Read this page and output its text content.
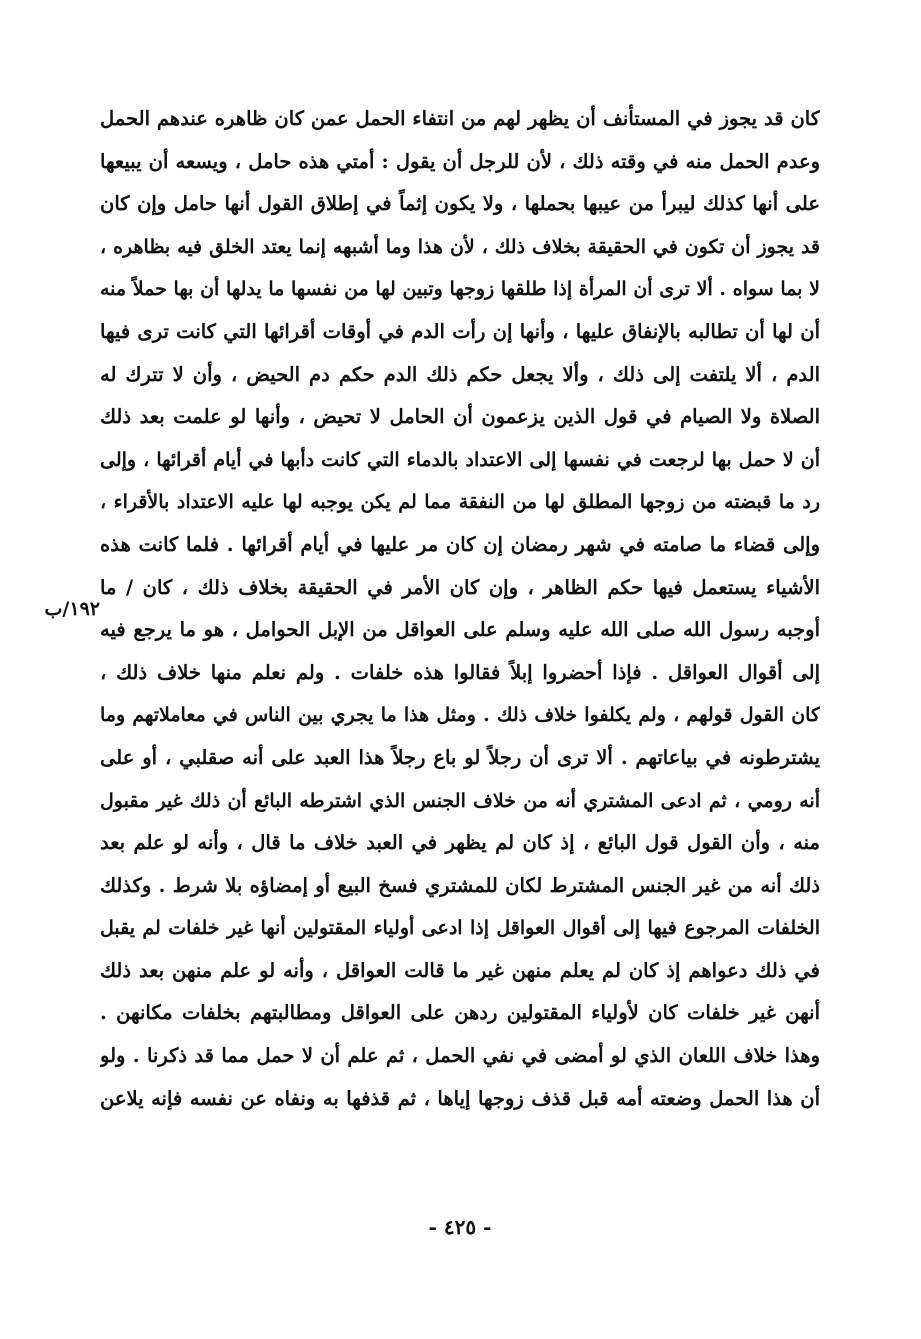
كان قد يجوز في المستأنف أن يظهر لهم من انتفاء الحمل عمن كان ظاهره عندهم الحمل
وعدم الحمل منه في وقته ذلك ، لأن للرجل أن يقول : أمتي هذه حامل ، ويسعه أن يبيعها
على أنها كذلك ليبرأ من عيبها بحملها ، ولا يكون إثماً في إطلاق القول أنها حامل وإن كان
قد يجوز أن تكون في الحقيقة بخلاف ذلك ، لأن هذا وما أشبهه إنما يعتد الخلق فيه بظاهره ،
لا بما سواه . ألا ترى أن المرأة إذا طلقها زوجها وتبين لها من نفسها ما يدلها أن بها حملاً منه
أن لها أن تطالبه بالإنفاق عليها ، وأنها إن رأت الدم في أوقات أقرائها التي كانت ترى فيها
الدم ، ألا يلتفت إلى ذلك ، وألا يجعل حكم ذلك الدم حكم دم الحيض ، وأن لا تترك له
الصلاة ولا الصيام في قول الذين يزعمون أن الحامل لا تحيض ، وأنها لو علمت بعد ذلك
أن لا حمل بها لرجعت في نفسها إلى الاعتداد بالدماء التي كانت دأبها في أيام أقرائها ، وإلى
رد ما قبضته من زوجها المطلق لها من النفقة مما لم يكن يوجبه لها عليه الاعتداد بالأقراء ،
وإلى قضاء ما صامته في شهر رمضان إن كان مر عليها في أيام أقرائها . فلما كانت هذه
الأشياء يستعمل فيها حكم الظاهر ، وإن كان الأمر في الحقيقة بخلاف ذلك ، كان / ما
أوجبه رسول الله صلى الله عليه وسلم على العواقل من الإبل الحوامل ، هو ما يرجع فيه
إلى أقوال العواقل . فإذا أحضروا إبلاً فقالوا هذه خلفات . ولم نعلم منها خلاف ذلك ،
كان القول قولهم ، ولم يكلفوا خلاف ذلك . ومثل هذا ما يجري بين الناس في معاملاتهم وما
يشترطونه في بياعاتهم . ألا ترى أن رجلاً لو باع رجلاً هذا العبد على أنه صقلبي ، أو على
أنه رومي ، ثم ادعى المشتري أنه من خلاف الجنس الذي اشترطه البائع أن ذلك غير مقبول
منه ، وأن القول قول البائع ، إذ كان لم يظهر في العبد خلاف ما قال ، وأنه لو علم بعد
ذلك أنه من غير الجنس المشترط لكان للمشتري فسخ البيع أو إمضاؤه بلا شرط . وكذلك
الخلفات المرجوع فيها إلى أقوال العواقل إذا ادعى أولياء المقتولين أنها غير خلفات لم يقبل
في ذلك دعواهم إذ كان لم يعلم منهن غير ما قالت العواقل ، وأنه لو علم منهن بعد ذلك
أنهن غير خلفات كان لأولياء المقتولين ردهن على العواقل ومطالبتهم بخلفات مكانهن .
وهذا خلاف اللعان الذي لو أمضى في نفي الحمل ، ثم علم أن لا حمل مما قد ذكرنا . ولو
أن هذا الحمل وضعته أمه قبل قذف زوجها إياها ، ثم قذفها به ونفاه عن نفسه فإنه يلاعن
١٩٢/ب
- ٤٢٥ -
